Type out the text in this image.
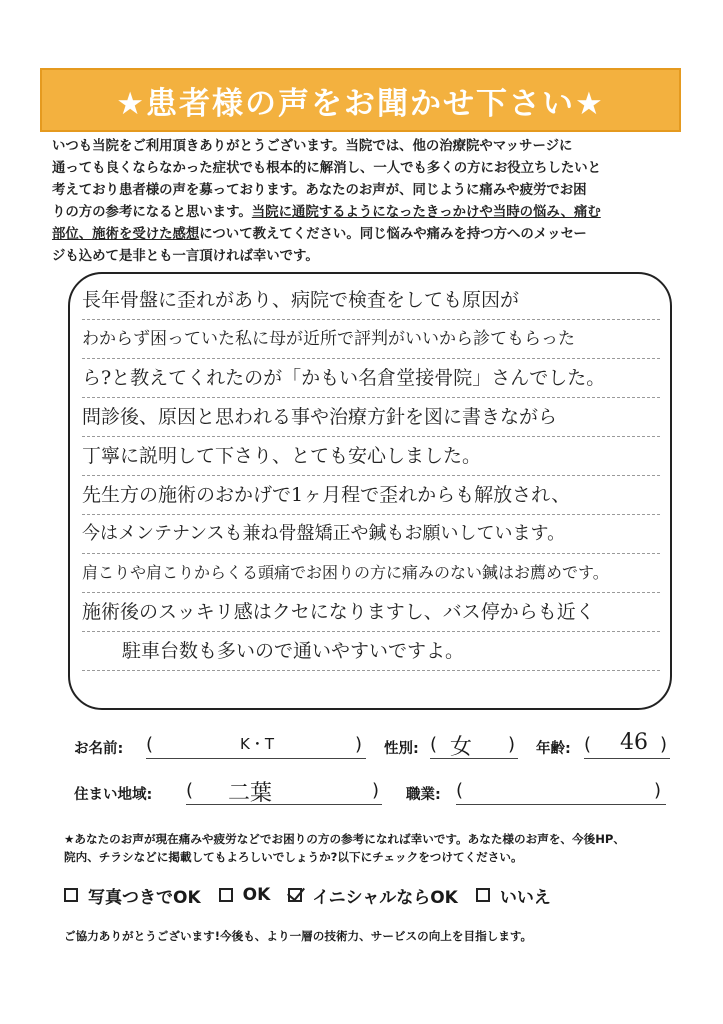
★患者様の声をお聞かせ下さい★
いつも当院をご利用頂きありがとうございます。当院では、他の治療院やマッサージに
通っても良くならなかった症状でも根本的に解消し、一人でも多くの方にお役立ちしたいと
考えており患者様の声を募っております。あなたのお声が、同じように痛みや疲労でお困
りの方の参考になると思います。当院に通院するようになったきっかけや当時の悩み、痛む
部位、施術を受けた感想について教えてください。同じ悩みや痛みを持つ方へのメッセー
ジも込めて是非とも一言頂ければ幸いです。
長年骨盤に歪れがあり、病院で検査をしても原因が
わからず困っていた私に母が近所で評判がいいから診てもらった
ら?と教えてくれたのが「かもい名倉堂接骨院」さんでした。
問診後、原因と思われる事や治療方針を図に書きながら
丁寧に説明して下さり、とても安心しました。
先生方の施術のおかげで1ヶ月程で歪れからも解放され、
今はメンテナンスも兼ね骨盤矯正や鍼もお願いしています。
肩こりや肩こりからくる頭痛でお困りの方に痛みのない鍼はお薦めです。
施術後のスッキリ感はクセになりますし、バス停からも近く
駐車台数も多いので通いやすいですよ。
お名前: (	K・T	) 性別: ( 女 ) 年齢: ( 46 )
住まい地域: ( 二葉	) 職業: (	)
★あなたのお声が現在痛みや疲労などでお困りの方の参考になれば幸いです。あなた様のお声を、今後HP、
院内、チラシなどに掲載してもよろしいでしょうか?以下にチェックをつけてください。
写真つきでOK OK イニシャルならOK いいえ
ご協力ありがとうございます!今後も、より一層の技術力、サービスの向上を目指します。
